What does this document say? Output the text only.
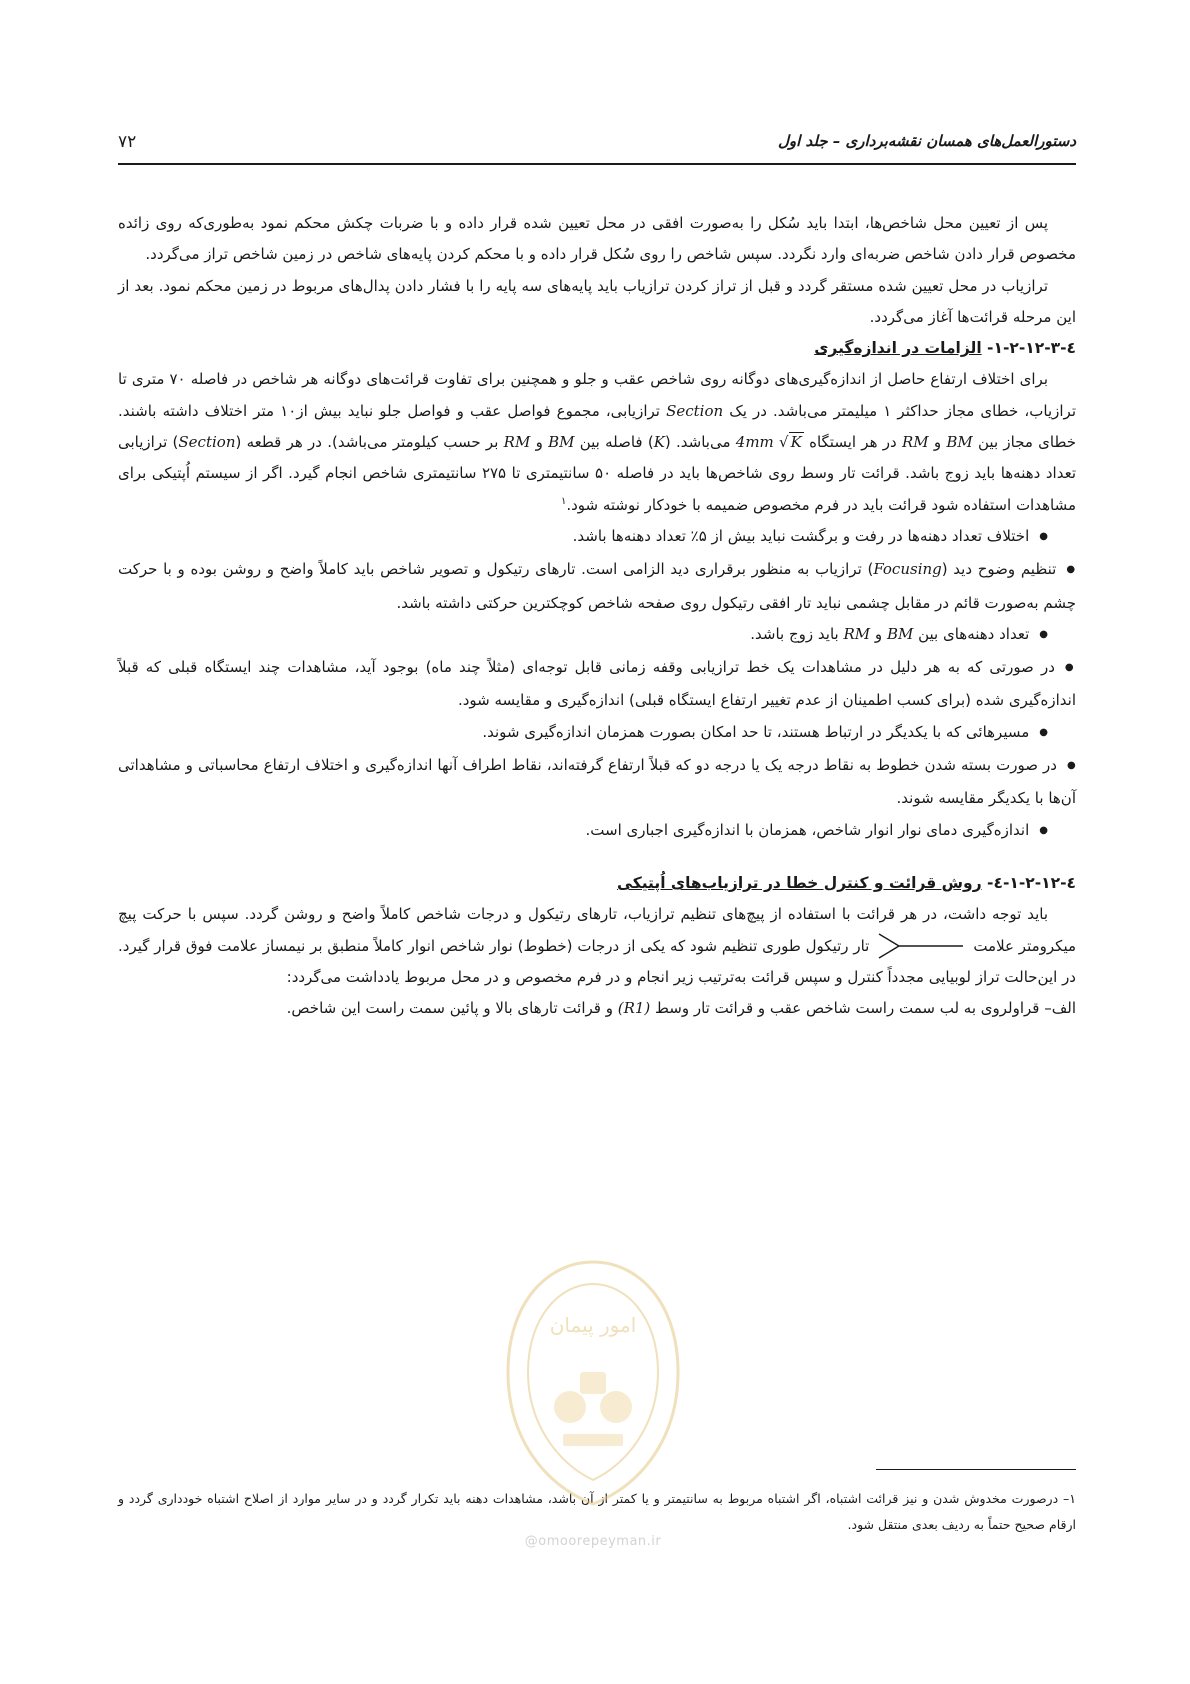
دستورالعمل‌های همسان نقشه‌برداری – جلد اول
۷۲

پس از تعیین محل شاخص‌ها، ابتدا باید سُکل را به‌صورت افقی در محل تعیین شده قرار داده و با ضربات چکش محکم نمود به‌طوری‌که روی زائده مخصوص قرار دادن شاخص ضربه‌ای وارد نگردد. سپس شاخص را روی سُکل قرار داده و با محکم کردن پایه‌های شاخص در زمین شاخص تراز می‌گردد.

ترازیاب در محل تعیین شده مستقر گردد و قبل از تراز کردن ترازیاب باید پایه‌های سه پایه را با فشار دادن پدال‌های مربوط در زمین محکم نمود. بعد از این مرحله قرائت‌ها آغاز می‌گردد.

٤-۱-۲-۱۲-۳- الزامات در اندازه‌گیری

برای اختلاف ارتفاع حاصل از اندازه‌گیری‌های دوگانه روی شاخص عقب و جلو و همچنین برای تفاوت قرائت‌های دوگانه هر شاخص در فاصله ۷۰ متری تا ترازیاب، خطای مجاز حداکثر ۱ میلیمتر می‌باشد. در یک Section ترازیابی، مجموع فواصل عقب و فواصل جلو نباید بیش از۱۰ متر اختلاف داشته باشند. خطای مجاز بین BM و RM در هر ایستگاه 4mm √ K می‌باشد. (K) فاصله بین BM و RM بر حسب کیلومتر می‌باشد). در هر قطعه (Section) ترازیابی تعداد دهنه‌ها باید زوج باشد. قرائت تار وسط روی شاخص‌ها باید در فاصله ۵۰ سانتیمتری تا ۲۷۵ سانتیمتری شاخص انجام گیرد. اگر از سیستم اُپتیکی برای مشاهدات استفاده شود قرائت باید در فرم مخصوص ضمیمه با خودکار نوشته شود.$^۱$

● اختلاف تعداد دهنه‌ها در رفت و برگشت نباید بیش از ۵٪ تعداد دهنه‌ها باشد.

● تنظیم وضوح دید (Focusing) ترازیاب به منظور برقراری دید الزامی است. تارهای رتیکول و تصویر شاخص باید کاملاً واضح و روشن بوده و با حرکت چشم به‌صورت قائم در مقابل چشمی نباید تار افقی رتیکول روی صفحه شاخص کوچکترین حرکتی داشته باشد.

● تعداد دهنه‌های بین BM و RM باید زوج باشد.

● در صورتی که به هر دلیل در مشاهدات یک خط ترازیابی وقفه زمانی قابل توجه‌ای (مثلاً چند ماه) بوجود آید، مشاهدات چند ایستگاه قبلی که قبلاً اندازه‌گیری شده (برای کسب اطمینان از عدم تغییر ارتفاع ایستگاه قبلی) اندازه‌گیری و مقایسه شود.

● مسیرهائی که با یکدیگر در ارتباط هستند، تا حد امکان بصورت همزمان اندازه‌گیری شوند.

● در صورت بسته شدن خطوط به نقاط درجه یک یا درجه دو که قبلاً ارتفاع گرفته‌اند، نقاط اطراف آنها اندازه‌گیری و اختلاف ارتفاع محاسباتی و مشاهداتی آن‌ها با یکدیگر مقایسه شوند.

● اندازه‌گیری دمای نوار انوار شاخص، همزمان با اندازه‌گیری اجباری است.

٤-۱-۲-۱۲-٤- روش قرائت و کنترل خطا در ترازیاب‌های اُپتیکی

باید توجه داشت، در هر قرائت با استفاده از پیچ‌های تنظیم ترازیاب، تارهای رتیکول و درجات شاخص کاملاً واضح و روشن گردد. سپس با حرکت پیچ میکرومتر علامت
تار رتیکول طوری تنظیم شود که یکی از درجات (خطوط) نوار شاخص انوار کاملاً منطبق بر نیمساز علامت فوق قرار گیرد. در این‌حالت تراز لوبیایی مجدداً کنترل و سپس قرائت به‌ترتیب زیر انجام و در فرم مخصوص و در محل مربوط یادداشت می‌گردد:

الف– قراولروی به لب سمت راست شاخص عقب و قرائت تار وسط (R1) و قرائت تارهای بالا و پائین سمت راست این شاخص.

۱– درصورت مخدوش شدن و نیز قرائت اشتباه، اگر اشتباه مربوط به سانتیمتر و یا کمتر از آن باشد، مشاهدات دهنه باید تکرار گردد و در سایر موارد از اصلاح اشتباه خودداری گردد و ارقام صحیح حتماً به ردیف بعدی منتقل شود.

امور پیمان
@omoorepeyman.ir
